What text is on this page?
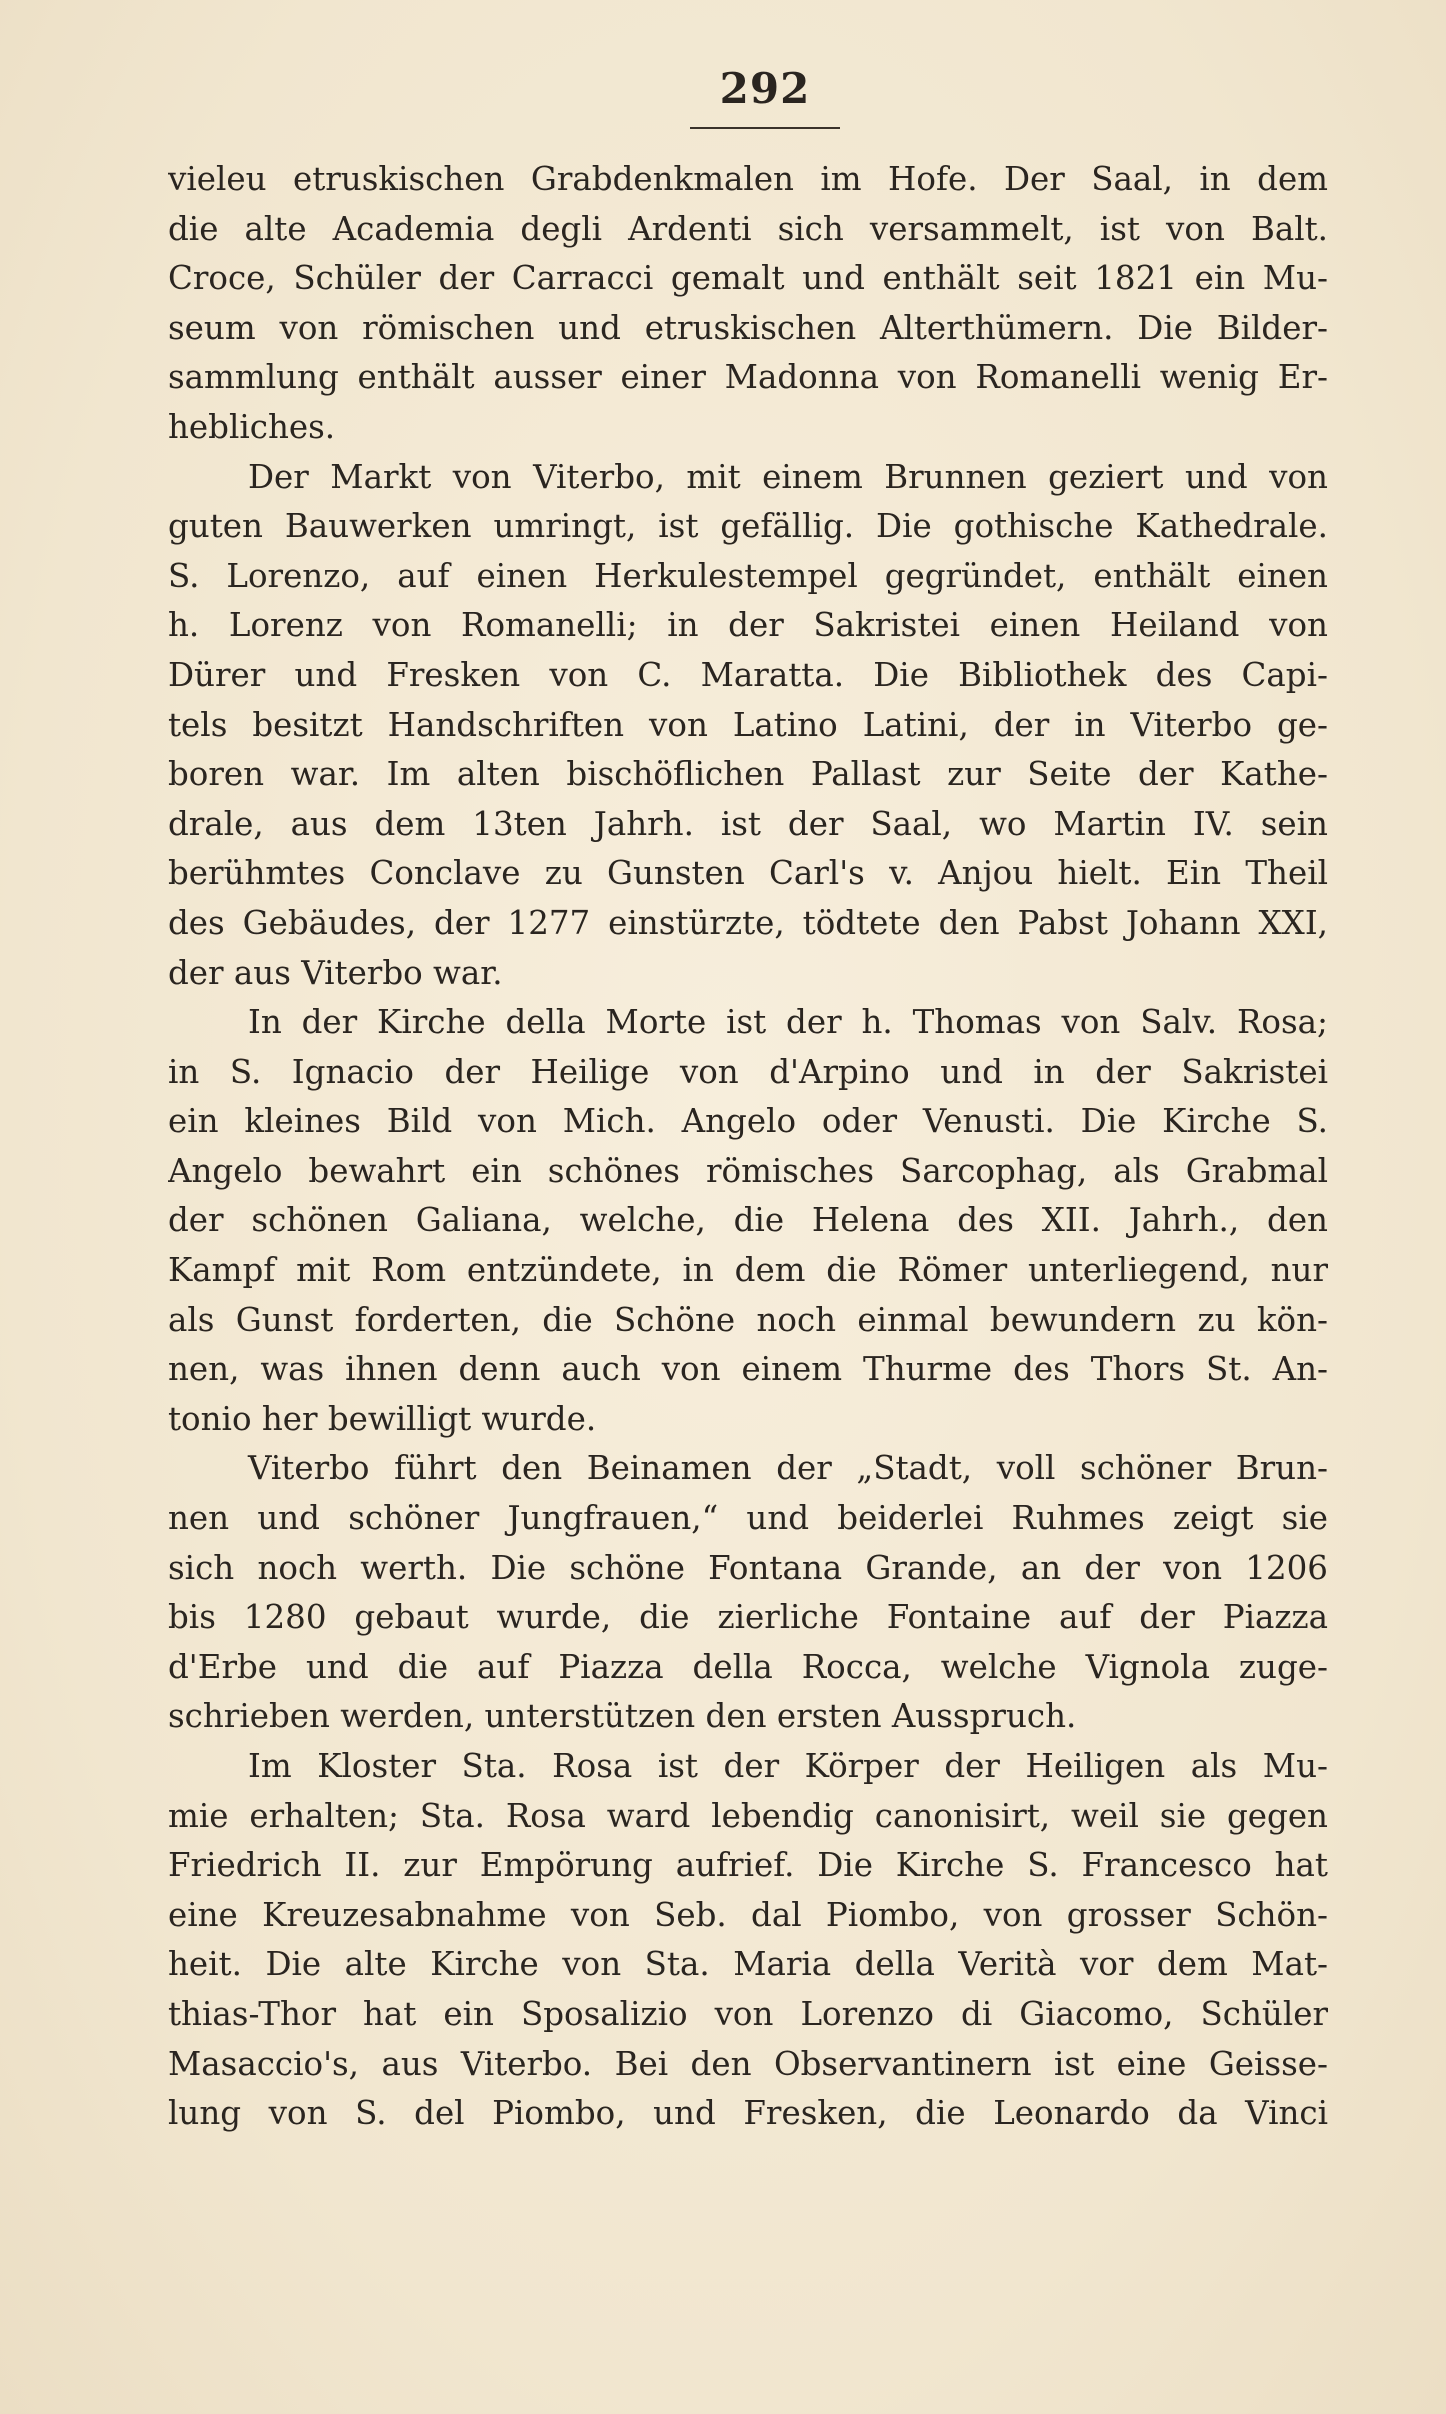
292
vieleu etruskischen Grabdenkmalen im Hofe. Der Saal, in dem
die alte Academia degli Ardenti sich versammelt, ist von Balt.
Croce, Schüler der Carracci gemalt und enthält seit 1821 ein Mu-
seum von römischen und etruskischen Alterthümern. Die Bilder-
sammlung enthält ausser einer Madonna von Romanelli wenig Er-
hebliches.
Der Markt von Viterbo, mit einem Brunnen geziert und von
guten Bauwerken umringt, ist gefällig. Die gothische Kathedrale.
S. Lorenzo, auf einen Herkulestempel gegründet, enthält einen
h. Lorenz von Romanelli; in der Sakristei einen Heiland von
Dürer und Fresken von C. Maratta. Die Bibliothek des Capi-
tels besitzt Handschriften von Latino Latini, der in Viterbo ge-
boren war. Im alten bischöflichen Pallast zur Seite der Kathe-
drale, aus dem 13ten Jahrh. ist der Saal, wo Martin IV. sein
berühmtes Conclave zu Gunsten Carl's v. Anjou hielt. Ein Theil
des Gebäudes, der 1277 einstürzte, tödtete den Pabst Johann XXI,
der aus Viterbo war.
In der Kirche della Morte ist der h. Thomas von Salv. Rosa;
in S. Ignacio der Heilige von d'Arpino und in der Sakristei
ein kleines Bild von Mich. Angelo oder Venusti. Die Kirche S.
Angelo bewahrt ein schönes römisches Sarcophag, als Grabmal
der schönen Galiana, welche, die Helena des XII. Jahrh., den
Kampf mit Rom entzündete, in dem die Römer unterliegend, nur
als Gunst forderten, die Schöne noch einmal bewundern zu kön-
nen, was ihnen denn auch von einem Thurme des Thors St. An-
tonio her bewilligt wurde.
Viterbo führt den Beinamen der „Stadt, voll schöner Brun-
nen und schöner Jungfrauen,“ und beiderlei Ruhmes zeigt sie
sich noch werth. Die schöne Fontana Grande, an der von 1206
bis 1280 gebaut wurde, die zierliche Fontaine auf der Piazza
d'Erbe und die auf Piazza della Rocca, welche Vignola zuge-
schrieben werden, unterstützen den ersten Ausspruch.
Im Kloster Sta. Rosa ist der Körper der Heiligen als Mu-
mie erhalten; Sta. Rosa ward lebendig canonisirt, weil sie gegen
Friedrich II. zur Empörung aufrief. Die Kirche S. Francesco hat
eine Kreuzesabnahme von Seb. dal Piombo, von grosser Schön-
heit. Die alte Kirche von Sta. Maria della Verità vor dem Mat-
thias-Thor hat ein Sposalizio von Lorenzo di Giacomo, Schüler
Masaccio's, aus Viterbo. Bei den Observantinern ist eine Geisse-
lung von S. del Piombo, und Fresken, die Leonardo da Vinci
